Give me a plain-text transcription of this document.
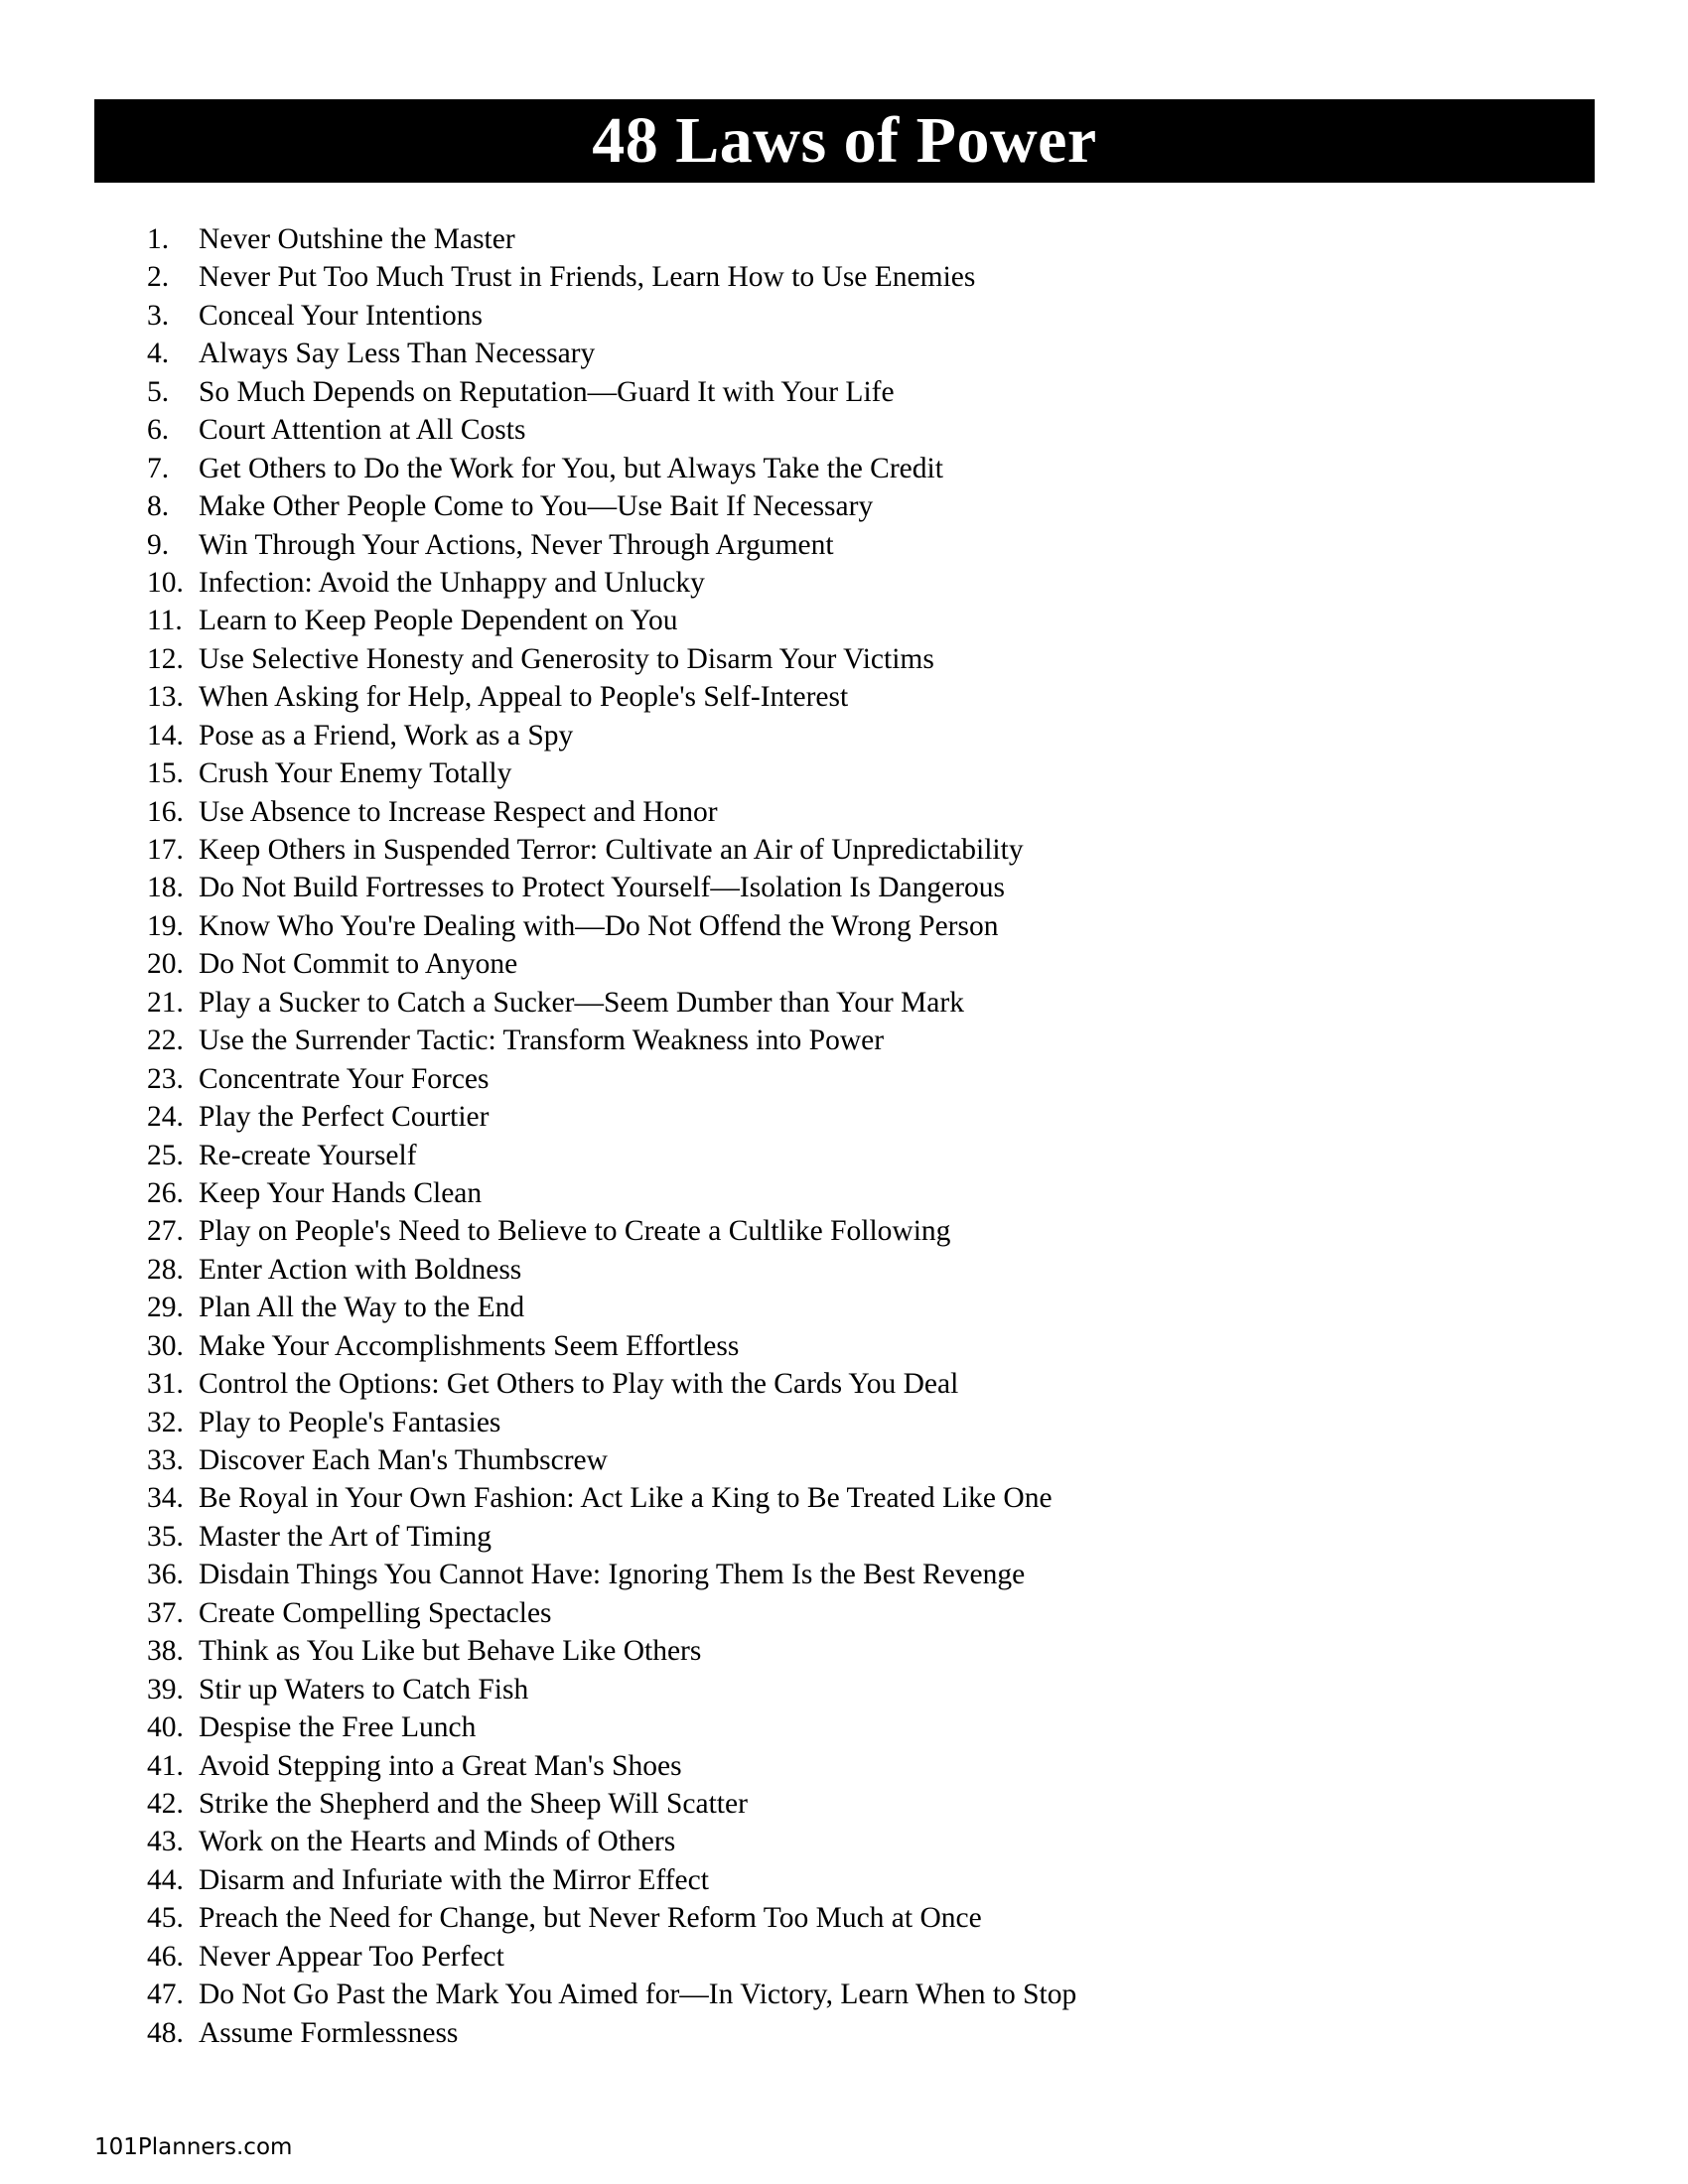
48 Laws of Power
1.	Never Outshine the Master
2.	Never Put Too Much Trust in Friends, Learn How to Use Enemies
3.	Conceal Your Intentions
4.	Always Say Less Than Necessary
5.	So Much Depends on Reputation—Guard It with Your Life
6.	Court Attention at All Costs
7.	Get Others to Do the Work for You, but Always Take the Credit
8.	Make Other People Come to You—Use Bait If Necessary
9.	Win Through Your Actions, Never Through Argument
10. Infection: Avoid the Unhappy and Unlucky
11. Learn to Keep People Dependent on You
12. Use Selective Honesty and Generosity to Disarm Your Victims
13. When Asking for Help, Appeal to People's Self-Interest
14. Pose as a Friend, Work as a Spy
15. Crush Your Enemy Totally
16. Use Absence to Increase Respect and Honor
17. Keep Others in Suspended Terror: Cultivate an Air of Unpredictability
18. Do Not Build Fortresses to Protect Yourself—Isolation Is Dangerous
19. Know Who You're Dealing with—Do Not Offend the Wrong Person
20. Do Not Commit to Anyone
21. Play a Sucker to Catch a Sucker—Seem Dumber than Your Mark
22. Use the Surrender Tactic: Transform Weakness into Power
23. Concentrate Your Forces
24. Play the Perfect Courtier
25. Re-create Yourself
26. Keep Your Hands Clean
27. Play on People's Need to Believe to Create a Cultlike Following
28. Enter Action with Boldness
29. Plan All the Way to the End
30. Make Your Accomplishments Seem Effortless
31. Control the Options: Get Others to Play with the Cards You Deal
32. Play to People's Fantasies
33. Discover Each Man's Thumbscrew
34. Be Royal in Your Own Fashion: Act Like a King to Be Treated Like One
35. Master the Art of Timing
36. Disdain Things You Cannot Have: Ignoring Them Is the Best Revenge
37. Create Compelling Spectacles
38. Think as You Like but Behave Like Others
39. Stir up Waters to Catch Fish
40. Despise the Free Lunch
41. Avoid Stepping into a Great Man's Shoes
42. Strike the Shepherd and the Sheep Will Scatter
43. Work on the Hearts and Minds of Others
44. Disarm and Infuriate with the Mirror Effect
45. Preach the Need for Change, but Never Reform Too Much at Once
46. Never Appear Too Perfect
47. Do Not Go Past the Mark You Aimed for—In Victory, Learn When to Stop
48. Assume Formlessness
101Planners.com
